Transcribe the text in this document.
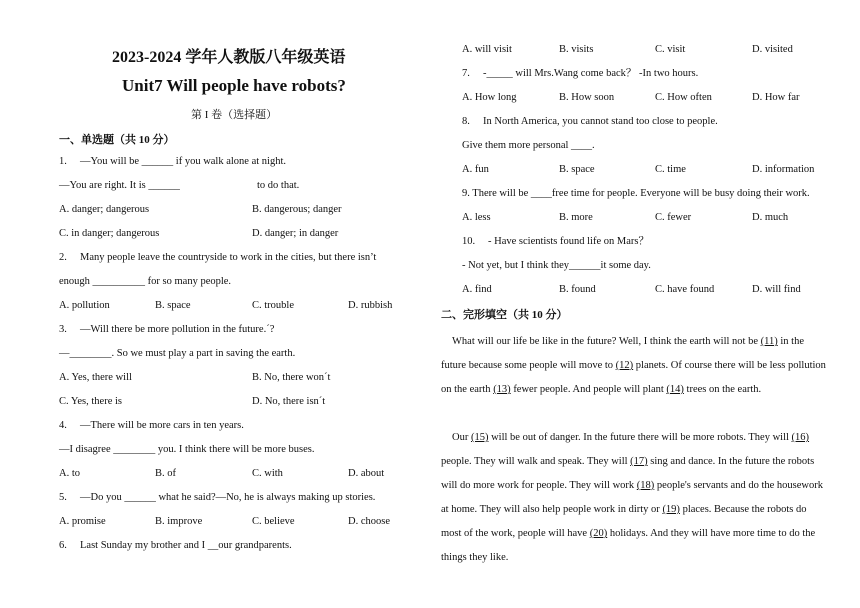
2023-2024 学年人教版八年级英语
Unit7 Will people have robots?
第 I 卷（选择题）
一、单选题（共 10 分）
1. —You will be ______ if you walk alone at night.
—You are right. It is ______	to do that.
A. danger; dangerous	B. dangerous; danger
C. in danger; dangerous	D. danger; in danger
2. Many people leave the countryside to work in the cities, but there isn’t
enough __________ for so many people.
A. pollution	B. space	C. trouble	D. rubbish
3. —Will there be more pollution in the future.´?
—________. So we must play a part in saving the earth.
A. Yes, there will	B. No, there won´t
C. Yes, there is	D. No, there isn´t
4. —There will be more cars in ten years.
—I disagree ________ you. I think there will be more buses.
A. to	B. of	C. with	D. about
5. —Do you ______ what he said?—No, he is always making up stories.
A. promise	B. improve	C. believe	D. choose
6. Last Sunday my brother and I __our grandparents.
A. will visit	B. visits	C. visit	D. visited
7. -_____ will Mrs.Wang come back？ -In two hours.
A. How long	B. How soon	C. How often	D. How far
8. In North America, you cannot stand too close to people.
Give them more personal ____.
A. fun	B. space	C. time	D. information
9. There will be ____free time for people. Everyone will be busy doing their work.
A. less	B. more	C. fewer	D. much
10. - Have scientists found life on Mars？
- Not yet, but I think they______it some day.
A. find	B. found	C. have found	D. will find
二、完形填空（共 10 分）
What will our life be like in the future? Well, I think the earth will not be (11) in the future because some people will move to (12) planets. Of course there will be less pollution on the earth (13) fewer people. And people will plant (14) trees on the earth.
Our (15) will be out of danger. In the future there will be more robots. They will (16) people. They will walk and speak. They will (17) sing and dance. In the future the robots will do more work for people. They will work (18) people's servants and do the housework at home. They will also help people work in dirty or (19) places. Because the robots do most of the work, people will have (20) holidays. And they will have more time to do the things they like.
